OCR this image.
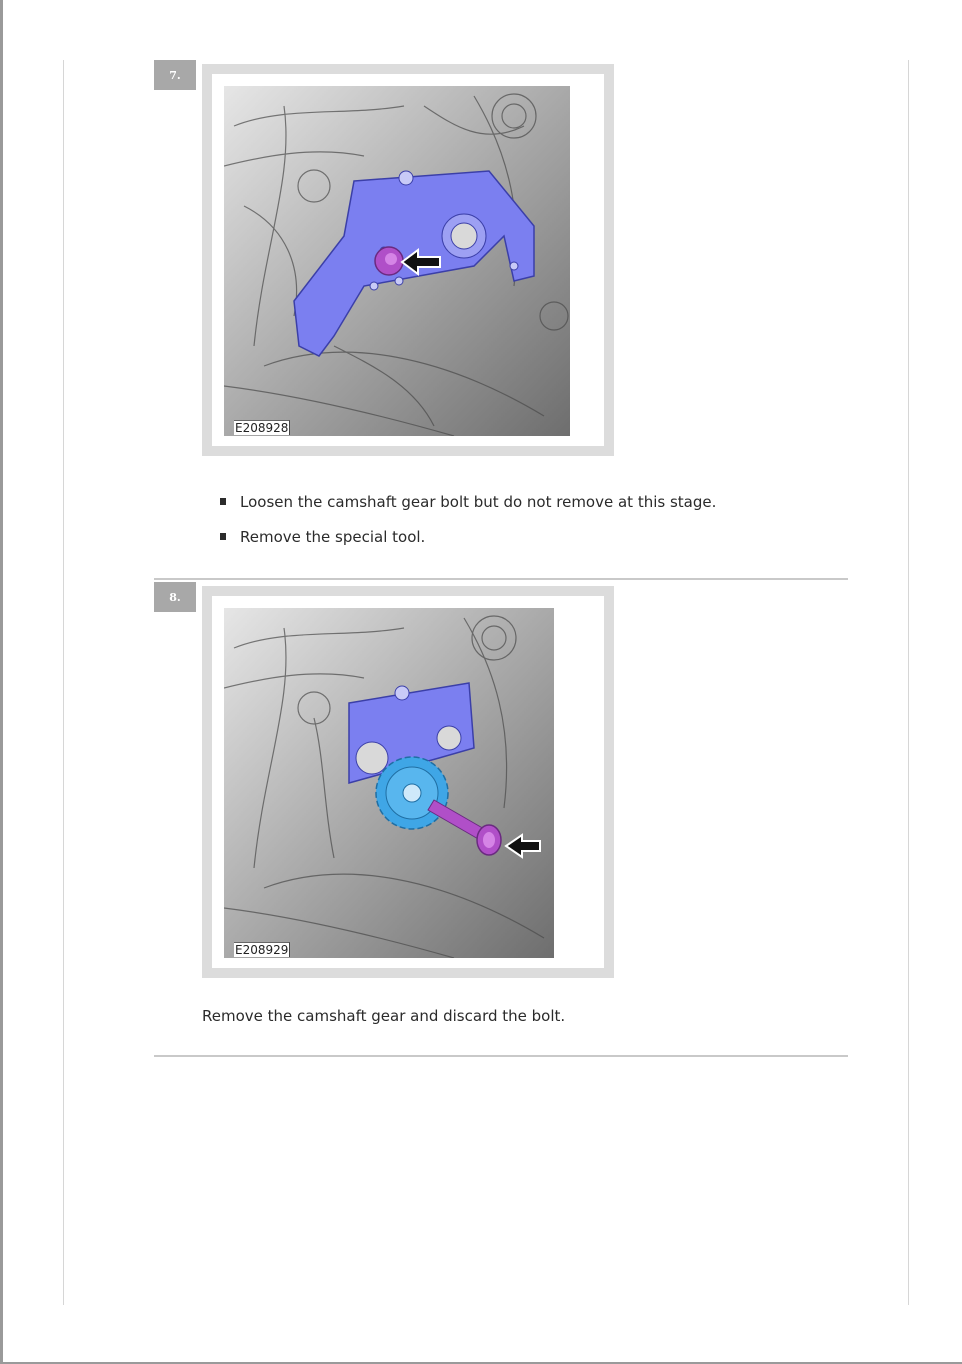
7.
E208928
Loosen the camshaft gear bolt but do not remove at this stage.
Remove the special tool.
8.
E208929
Remove the camshaft gear and discard the bolt.
